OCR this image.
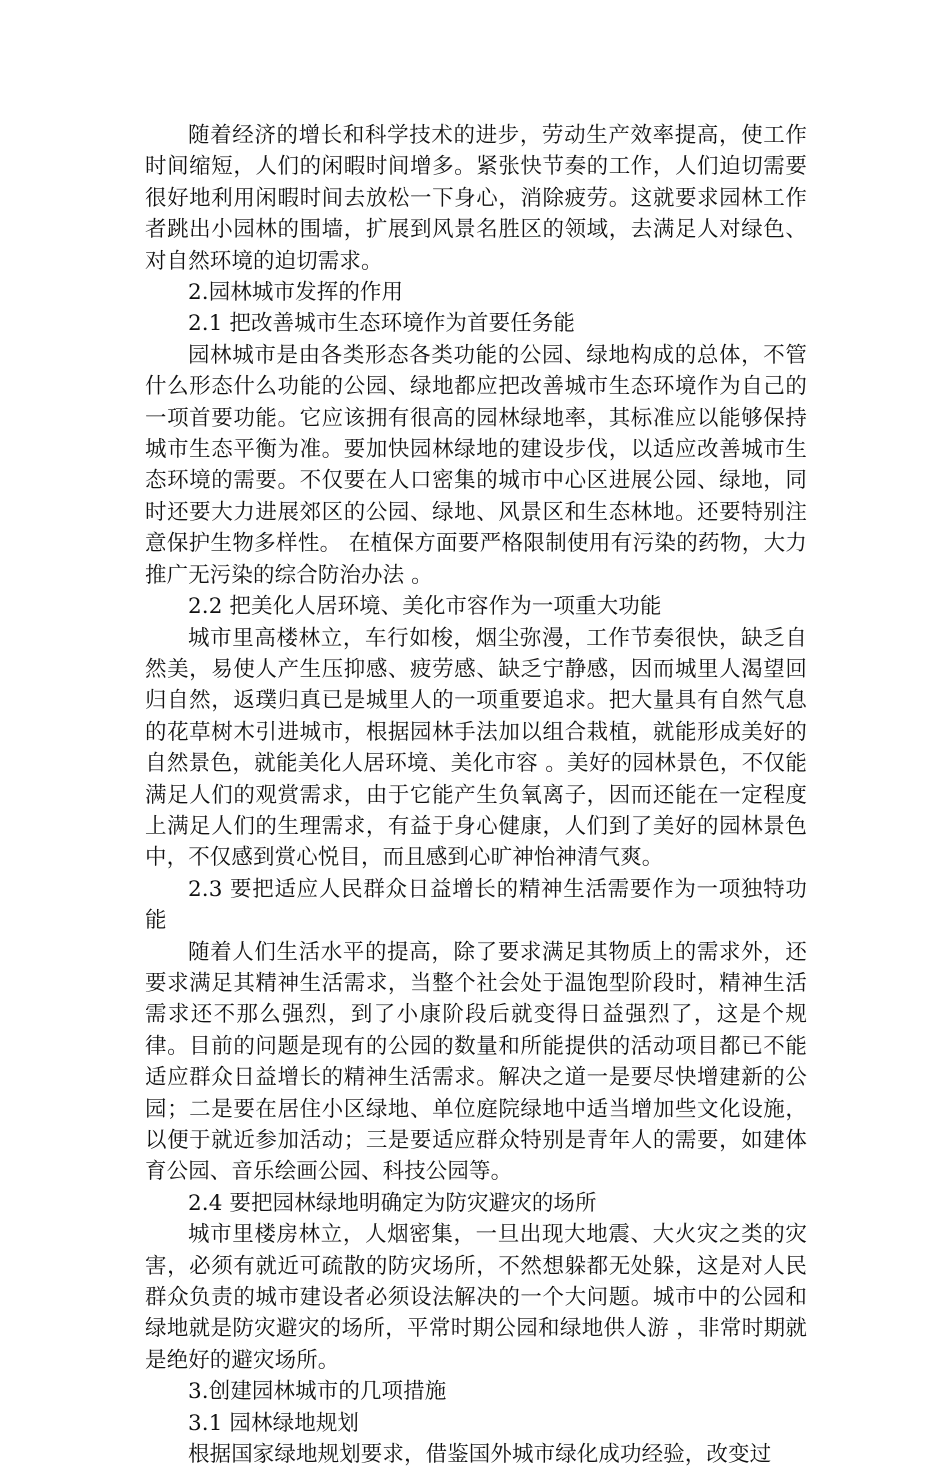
随着经济的增长和科学技术的进步，劳动生产效率提高，使工作时间缩短，人们的闲暇时间增多。紧张快节奏的工作，人们迫切需要很好地利用闲暇时间去放松一下身心，消除疲劳。这就要求园林工作者跳出小园林的围墙，扩展到风景名胜区的领域，去满足人对绿色、对自然环境的迫切需求。

2.园林城市发挥的作用

2.1 把改善城市生态环境作为首要任务能

园林城市是由各类形态各类功能的公园、绿地构成的总体，不管什么形态什么功能的公园、绿地都应把改善城市生态环境作为自己的一项首要功能。它应该拥有很高的园林绿地率，其标准应以能够保持城市生态平衡为准。要加快园林绿地的建设步伐，以适应改善城市生态环境的需要。不仅要在人口密集的城市中心区进展公园、绿地，同时还要大力进展郊区的公园、绿地、风景区和生态林地。还要特别注意保护生物多样性。 在植保方面要严格限制使用有污染的药物，大力推广无污染的综合防治办法 。

2.2 把美化人居环境、美化市容作为一项重大功能

城市里高楼林立，车行如梭，烟尘弥漫，工作节奏很快，缺乏自然美，易使人产生压抑感、疲劳感、缺乏宁静感，因而城里人渴望回归自然，返璞归真已是城里人的一项重要追求。把大量具有自然气息的花草树木引进城市，根据园林手法加以组合栽植，就能形成美好的自然景色，就能美化人居环境、美化市容 。美好的园林景色，不仅能满足人们的观赏需求，由于它能产生负氧离子，因而还能在一定程度上满足人们的生理需求，有益于身心健康，人们到了美好的园林景色中，不仅感到赏心悦目，而且感到心旷神怡神清气爽。

2.3 要把适应人民群众日益增长的精神生活需要作为一项独特功能

随着人们生活水平的提高，除了要求满足其物质上的需求外，还要求满足其精神生活需求，当整个社会处于温饱型阶段时，精神生活需求还不那么强烈，到了小康阶段后就变得日益强烈了，这是个规律。目前的问题是现有的公园的数量和所能提供的活动项目都已不能适应群众日益增长的精神生活需求。解决之道一是要尽快增建新的公园；二是要在居住小区绿地、单位庭院绿地中适当增加些文化设施，以便于就近参加活动；三是要适应群众特别是青年人的需要，如建体育公园、音乐绘画公园、科技公园等。

2.4 要把园林绿地明确定为防灾避灾的场所

城市里楼房林立，人烟密集，一旦出现大地震、大火灾之类的灾害，必须有就近可疏散的防灾场所，不然想躲都无处躲，这是对人民群众负责的城市建设者必须设法解决的一个大问题。城市中的公园和绿地就是防灾避灾的场所，平常时期公园和绿地供人游 ，非常时期就是绝好的避灾场所。

3.创建园林城市的几项措施

3.1 园林绿地规划

根据国家绿地规划要求，借鉴国外城市绿化成功经验，改变过
